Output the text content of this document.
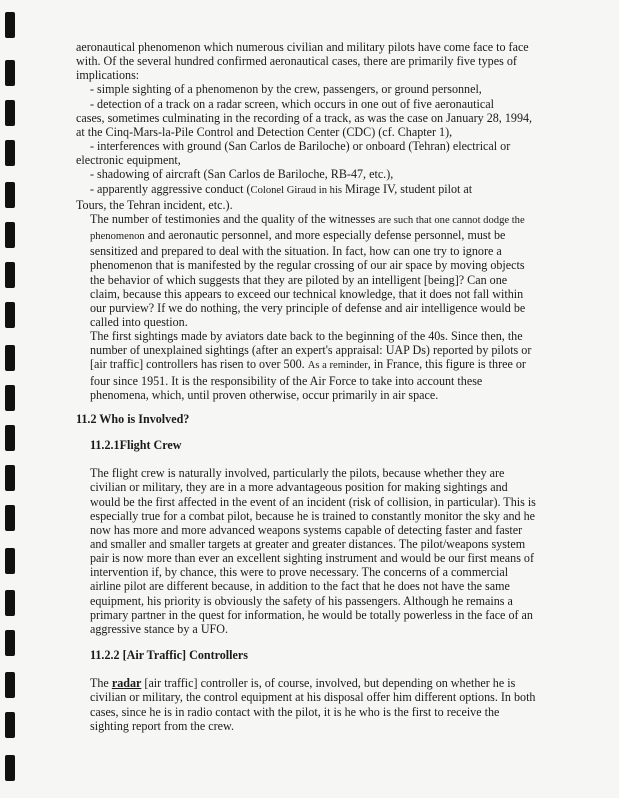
aeronautical phenomenon which numerous civilian and military pilots have come face to face with. Of the several hundred confirmed aeronautical cases, there are primarily five types of implications:

- simple sighting of a phenomenon by the crew, passengers, or ground personnel,

- detection of a track on a radar screen, which occurs in one out of five aeronautical

cases, sometimes culminating in the recording of a track, as was the case on January 28, 1994, at the Cinq-Mars-la-Pile Control and Detection Center (CDC) (cf. Chapter 1),

- interferences with ground (San Carlos de Bariloche) or onboard (Tehran) electrical or

electronic equipment,

- shadowing of aircraft (San Carlos de Bariloche, RB-47, etc.),

- apparently aggressive conduct (Colonel Giraud in his Mirage IV, student pilot at

Tours, the Tehran incident, etc.).

The number of testimonies and the quality of the witnesses are such that one cannot dodge the phenomenon and aeronautic personnel, and more especially defense personnel, must be sensitized and prepared to deal with the situation. In fact, how can one try to ignore a phenomenon that is manifested by the regular crossing of our air space by moving objects the behavior of which suggests that they are piloted by an intelligent [being]? Can one claim, because this appears to exceed our technical knowledge, that it does not fall within our purview? If we do nothing, the very principle of defense and air intelligence would be called into question.

The first sightings made by aviators date back to the beginning of the 40s. Since then, the number of unexplained sightings (after an expert's appraisal: UAP Ds) reported by pilots or [air traffic] controllers has risen to over 500. As a reminder, in France, this figure is three or four since 1951. It is the responsibility of the Air Force to take into account these phenomena, which, until proven otherwise, occur primarily in air space.

11.2 Who is Involved?

11.2.1Flight Crew

The flight crew is naturally involved, particularly the pilots, because whether they are civilian or military, they are in a more advantageous position for making sightings and would be the first affected in the event of an incident (risk of collision, in particular). This is especially true for a combat pilot, because he is trained to constantly monitor the sky and he now has more and more advanced weapons systems capable of detecting faster and faster and smaller and smaller targets at greater and greater distances. The pilot/weapons system pair is now more than ever an excellent sighting instrument and would be our first means of intervention if, by chance, this were to prove necessary. The concerns of a commercial airline pilot are different because, in addition to the fact that he does not have the same equipment, his priority is obviously the safety of his passengers. Although he remains a primary partner in the quest for information, he would be totally powerless in the face of an aggressive stance by a UFO.

11.2.2 [Air Traffic] Controllers

The radar [air traffic] controller is, of course, involved, but depending on whether he is civilian or military, the control equipment at his disposal offer him different options. In both cases, since he is in radio contact with the pilot, it is he who is the first to receive the sighting report from the crew.
